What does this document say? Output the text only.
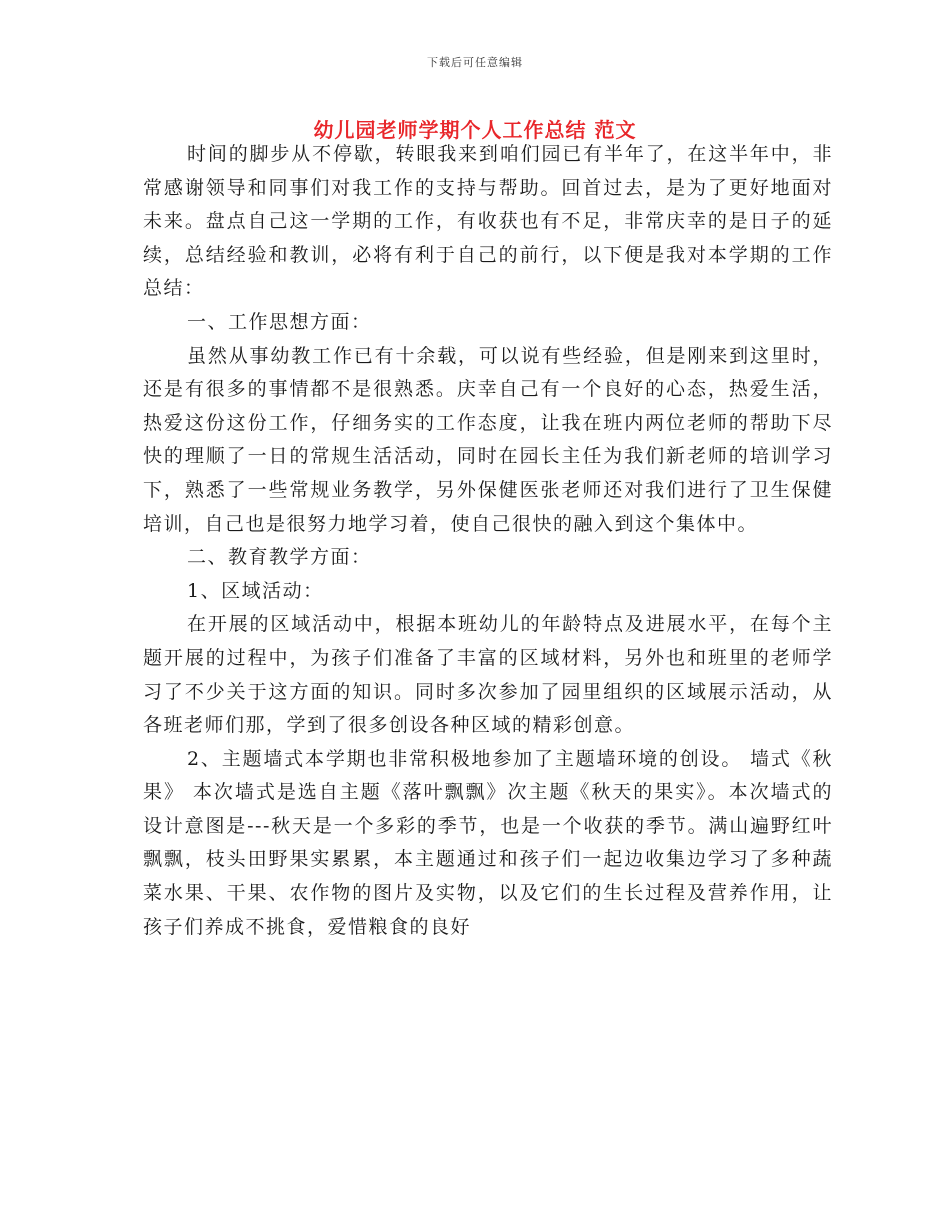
下载后可任意编辑
幼儿园老师学期个人工作总结 范文

时间的脚步从不停歇，转眼我来到咱们园已有半年了，在这半年中，非常感谢领导和同事们对我工作的支持与帮助。回首过去，是为了更好地面对未来。盘点自己这一学期的工作，有收获也有不足，非常庆幸的是日子的延续，总结经验和教训，必将有利于自己的前行，以下便是我对本学期的工作总结：

一、工作思想方面：

虽然从事幼教工作已有十余载，可以说有些经验，但是刚来到这里时，还是有很多的事情都不是很熟悉。庆幸自己有一个良好的心态，热爱生活，热爱这份这份工作，仔细务实的工作态度，让我在班内两位老师的帮助下尽快的理顺了一日的常规生活活动，同时在园长主任为我们新老师的培训学习下，熟悉了一些常规业务教学，另外保健医张老师还对我们进行了卫生保健培训，自己也是很努力地学习着，使自己很快的融入到这个集体中。

二、教育教学方面：

1、区域活动：

在开展的区域活动中，根据本班幼儿的年龄特点及进展水平，在每个主题开展的过程中，为孩子们准备了丰富的区域材料，另外也和班里的老师学习了不少关于这方面的知识。同时多次参加了园里组织的区域展示活动，从各班老师们那，学到了很多创设各种区域的精彩创意。

2、主题墙式本学期也非常积极地参加了主题墙环境的创设。 墙式《秋果》 本次墙式是选自主题《落叶飘飘》次主题《秋天的果实》。本次墙式的设计意图是---秋天是一个多彩的季节，也是一个收获的季节。满山遍野红叶飘飘，枝头田野果实累累，本主题通过和孩子们一起边收集边学习了多种蔬菜水果、干果、农作物的图片及实物，以及它们的生长过程及营养作用，让孩子们养成不挑食，爱惜粮食的良好
